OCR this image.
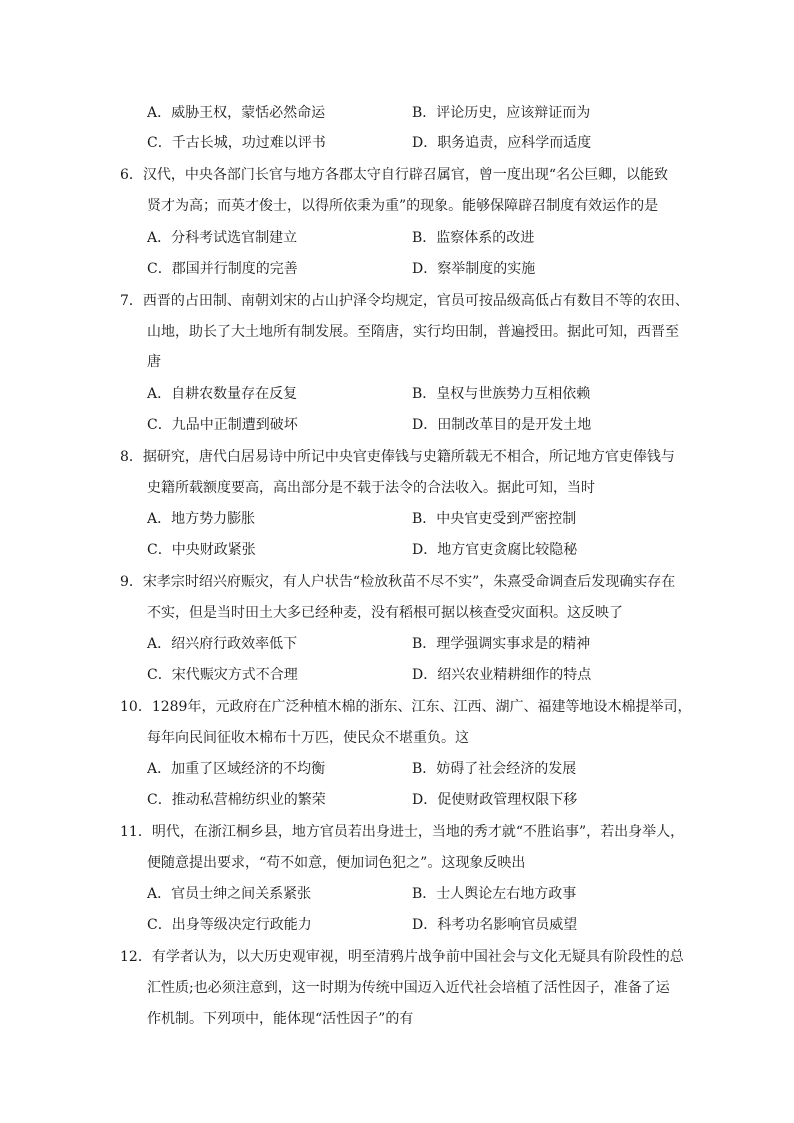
A．威胁王权，蒙恬必然命运	B．评论历史，应该辩证而为
C．千古长城，功过难以评书	D．职务追责，应科学而适度
6．汉代，中央各部门长官与地方各郡太守自行辟召属官，曾一度出现“名公巨卿，以能致
贤才为高；而英才俊士，以得所依秉为重”的现象。能够保障辟召制度有效运作的是
A．分科考试选官制建立	B．监察体系的改进
C．郡国并行制度的完善	D．察举制度的实施
7．西晋的占田制、南朝刘宋的占山护泽令均规定，官员可按品级高低占有数目不等的农田、
山地，助长了大土地所有制发展。至隋唐，实行均田制，普遍授田。据此可知，西晋至
唐
A．自耕农数量存在反复	B．皇权与世族势力互相依赖
C．九品中正制遭到破坏	D．田制改革目的是开发土地
8．据研究，唐代白居易诗中所记中央官吏俸钱与史籍所载无不相合，所记地方官吏俸钱与
史籍所载额度要高，高出部分是不载于法令的合法收入。据此可知，当时
A．地方势力膨胀	B．中央官吏受到严密控制
C．中央财政紧张	D．地方官吏贪腐比较隐秘
9．宋孝宗时绍兴府赈灾，有人户状告“检放秋苗不尽不实”，朱熹受命调查后发现确实存在
不实，但是当时田土大多已经种麦，没有稻根可据以核查受灾面积。这反映了
A．绍兴府行政效率低下	B．理学强调实事求是的精神
C．宋代赈灾方式不合理	D．绍兴农业精耕细作的特点
10．1289年，元政府在广泛种植木棉的浙东、江东、江西、湖广、福建等地设木棉提举司，
每年向民间征收木棉布十万匹，使民众不堪重负。这
A．加重了区域经济的不均衡	B．妨碍了社会经济的发展
C．推动私营棉纺织业的繁荣	D．促使财政管理权限下移
11．明代，在浙江桐乡县，地方官员若出身进士，当地的秀才就“不胜谄事”，若出身举人，
便随意提出要求，“苟不如意，便加词色犯之”。这现象反映出
A．官员士绅之间关系紧张	B．士人舆论左右地方政事
C．出身等级决定行政能力	D．科考功名影响官员威望
12．有学者认为，以大历史观审视，明至清鸦片战争前中国社会与文化无疑具有阶段性的总
汇性质;也必须注意到，这一时期为传统中国迈入近代社会培植了活性因子，准备了运
作机制。下列项中，能体现“活性因子”的有
